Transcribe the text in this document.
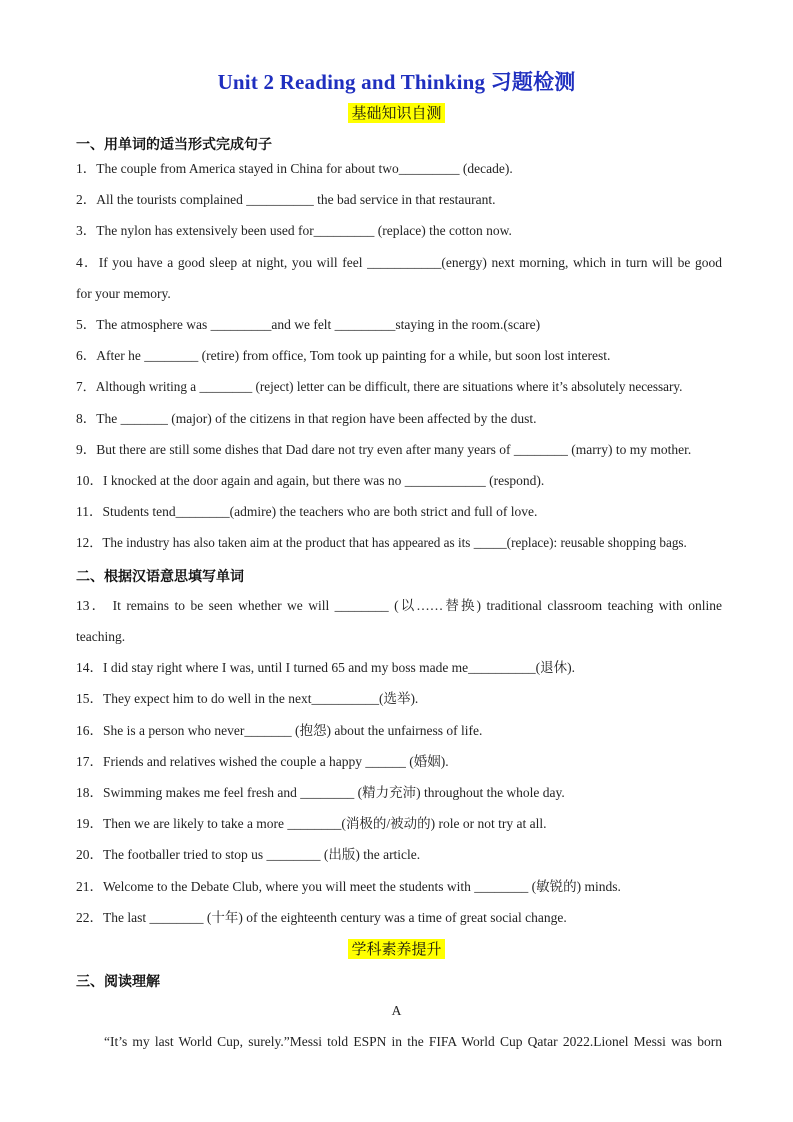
Unit 2 Reading and Thinking 习题检测
基础知识自测
一、用单词的适当形式完成句子
1．The couple from America stayed in China for about two_________ (decade).
2．All the tourists complained __________ the bad service in that restaurant.
3．The nylon has extensively been used for_________ (replace) the cotton now.
4．If you have a good sleep at night, you will feel ___________(energy) next morning, which in turn will be good
for your memory.
5．The atmosphere was _________and we felt _________staying in the room.(scare)
6．After he ________ (retire) from office, Tom took up painting for a while, but soon lost interest.
7．Although writing a ________ (reject) letter can be difficult, there are situations where it’s absolutely necessary.
8．The _______ (major) of the citizens in that region have been affected by the dust.
9．But there are still some dishes that Dad dare not try even after many years of ________ (marry) to my mother.
10．I knocked at the door again and again, but there was no ____________ (respond).
11．Students tend________(admire) the teachers who are both strict and full of love.
12．The industry has also taken aim at the product that has appeared as its _____(replace): reusable shopping bags.
二、根据汉语意思填写单词
13． It remains to be seen whether we will ________ (以……替换) traditional classroom teaching with online
teaching.
14．I did stay right where I was, until I turned 65 and my boss made me__________(退休).
15．They expect him to do well in the next__________(选举).
16．She is a person who never_______ (抱怨) about the unfairness of life.
17．Friends and relatives wished the couple a happy ______ (婚姻).
18．Swimming makes me feel fresh and ________ (精力充沛) throughout the whole day.
19．Then we are likely to take a more ________(消极的/被动的) role or not try at all.
20．The footballer tried to stop us ________ (出版) the article.
21．Welcome to the Debate Club, where you will meet the students with ________ (敏锐的) minds.
22．The last ________ (十年) of the eighteenth century was a time of great social change.
学科素养提升
三、阅读理解
A
“It’s my last World Cup, surely.”Messi told ESPN in the FIFA World Cup Qatar 2022.Lionel Messi was born
